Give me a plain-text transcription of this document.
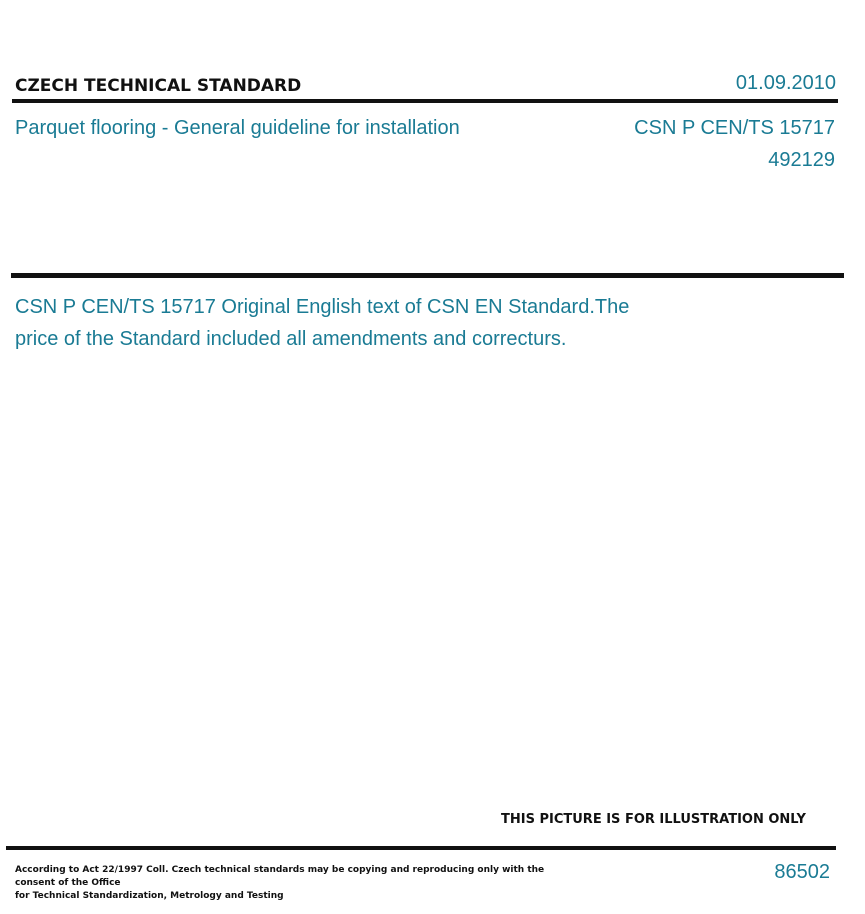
CZECH TECHNICAL STANDARD	01.09.2010
Parquet flooring - General guideline for installation	CSN P CEN/TS 15717
492129
CSN P CEN/TS 15717 Original English text of CSN EN Standard.The
price of the Standard included all amendments and correcturs.
THIS PICTURE IS FOR ILLUSTRATION ONLY
According to Act 22/1997 Coll. Czech technical standards may be copying and reproducing only with the consent of the Office
for Technical Standardization, Metrology and Testing
86502
